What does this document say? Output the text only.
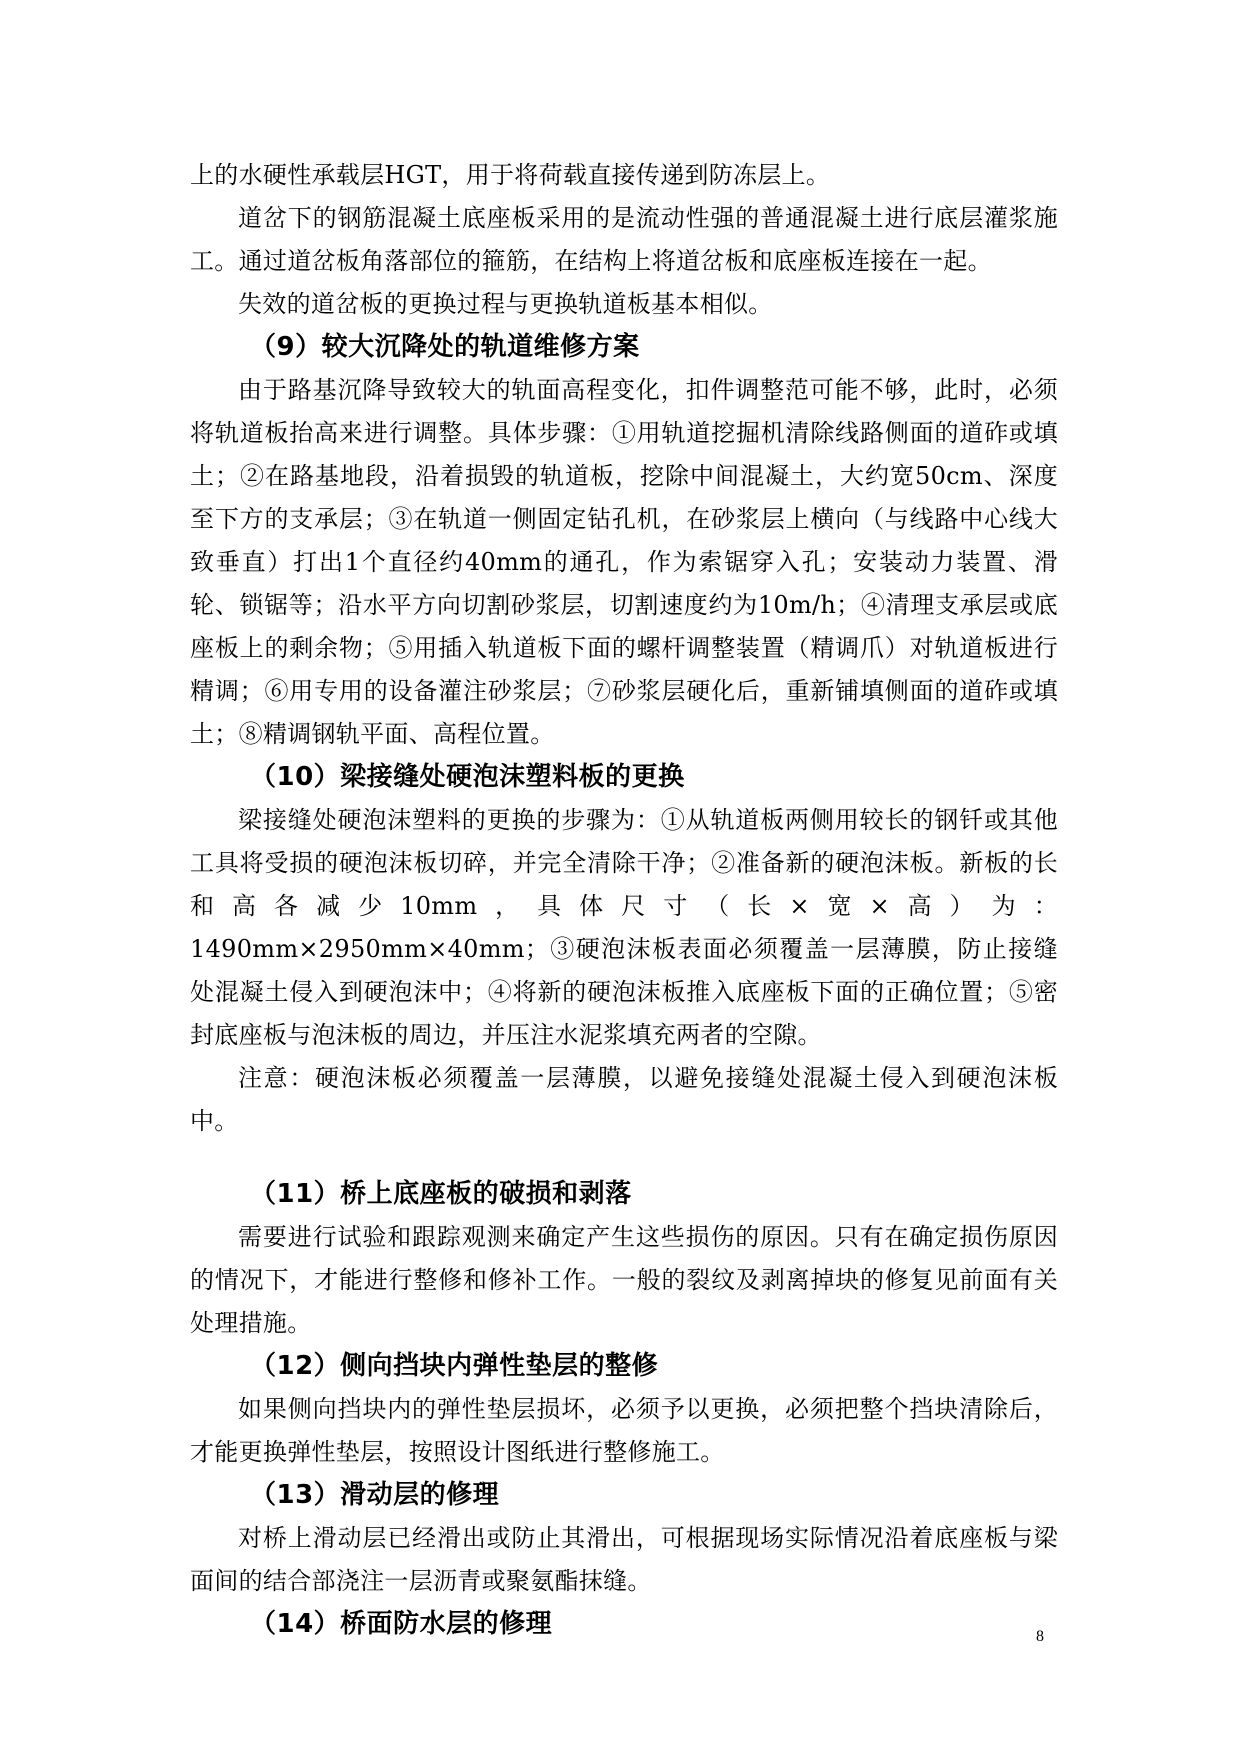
上的水硬性承载层HGT，用于将荷载直接传递到防冻层上。

道岔下的钢筋混凝土底座板采用的是流动性强的普通混凝土进行底层灌浆施工。通过道岔板角落部位的箍筋，在结构上将道岔板和底座板连接在一起。

失效的道岔板的更换过程与更换轨道板基本相似。

（9）较大沉降处的轨道维修方案

由于路基沉降导致较大的轨面高程变化，扣件调整范可能不够，此时，必须将轨道板抬高来进行调整。具体步骤：①用轨道挖掘机清除线路侧面的道砟或填土；②在路基地段，沿着损毁的轨道板，挖除中间混凝土，大约宽50cm、深度至下方的支承层；③在轨道一侧固定钻孔机，在砂浆层上横向（与线路中心线大致垂直）打出1个直径约40mm的通孔，作为索锯穿入孔；安装动力装置、滑轮、锁锯等；沿水平方向切割砂浆层，切割速度约为10m/h；④清理支承层或底座板上的剩余物；⑤用插入轨道板下面的螺杆调整装置（精调爪）对轨道板进行精调；⑥用专用的设备灌注砂浆层；⑦砂浆层硬化后，重新铺填侧面的道砟或填土；⑧精调钢轨平面、高程位置。

（10）梁接缝处硬泡沫塑料板的更换

梁接缝处硬泡沫塑料的更换的步骤为：①从轨道板两侧用较长的钢钎或其他工具将受损的硬泡沫板切碎，并完全清除干净；②准备新的硬泡沫板。新板的长和高各减少10mm，具体尺寸（长×宽×高）为：1490mm×2950mm×40mm；③硬泡沫板表面必须覆盖一层薄膜，防止接缝处混凝土侵入到硬泡沫中；④将新的硬泡沫板推入底座板下面的正确位置；⑤密封底座板与泡沫板的周边，并压注水泥浆填充两者的空隙。

注意：硬泡沫板必须覆盖一层薄膜，以避免接缝处混凝土侵入到硬泡沫板中。

（11）桥上底座板的破损和剥落

需要进行试验和跟踪观测来确定产生这些损伤的原因。只有在确定损伤原因的情况下，才能进行整修和修补工作。一般的裂纹及剥离掉块的修复见前面有关处理措施。

（12）侧向挡块内弹性垫层的整修

如果侧向挡块内的弹性垫层损坏，必须予以更换，必须把整个挡块清除后，才能更换弹性垫层，按照设计图纸进行整修施工。

（13）滑动层的修理

对桥上滑动层已经滑出或防止其滑出，可根据现场实际情况沿着底座板与梁面间的结合部浇注一层沥青或聚氨酯抹缝。

（14）桥面防水层的修理	8
